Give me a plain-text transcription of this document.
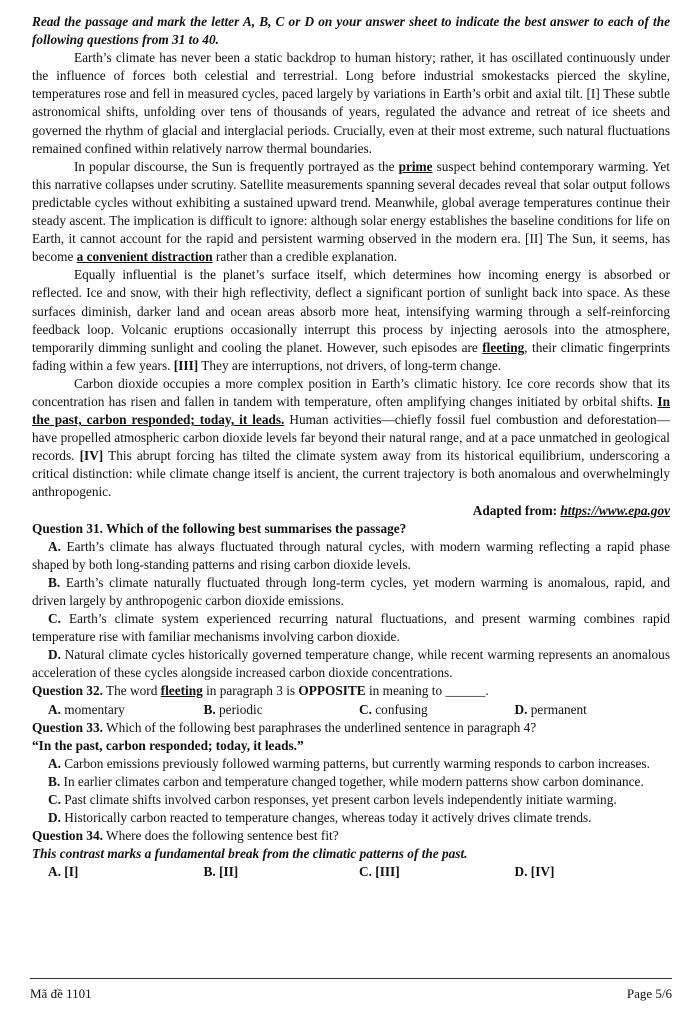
Read the passage and mark the letter A, B, C or D on your answer sheet to indicate the best answer to each of the following questions from 31 to 40.

Earth’s climate has never been a static backdrop to human history; rather, it has oscillated continuously under the influence of forces both celestial and terrestrial. Long before industrial smokestacks pierced the skyline, temperatures rose and fell in measured cycles, paced largely by variations in Earth’s orbit and axial tilt. [I] These subtle astronomical shifts, unfolding over tens of thousands of years, regulated the advance and retreat of ice sheets and governed the rhythm of glacial and interglacial periods. Crucially, even at their most extreme, such natural fluctuations remained confined within relatively narrow thermal boundaries.

In popular discourse, the Sun is frequently portrayed as the prime suspect behind contemporary warming. Yet this narrative collapses under scrutiny. Satellite measurements spanning several decades reveal that solar output follows predictable cycles without exhibiting a sustained upward trend. Meanwhile, global average temperatures continue their steady ascent. The implication is difficult to ignore: although solar energy establishes the baseline conditions for life on Earth, it cannot account for the rapid and persistent warming observed in the modern era. [II] The Sun, it seems, has become a convenient distraction rather than a credible explanation.

Equally influential is the planet’s surface itself, which determines how incoming energy is absorbed or reflected. Ice and snow, with their high reflectivity, deflect a significant portion of sunlight back into space. As these surfaces diminish, darker land and ocean areas absorb more heat, intensifying warming through a self-reinforcing feedback loop. Volcanic eruptions occasionally interrupt this process by injecting aerosols into the atmosphere, temporarily dimming sunlight and cooling the planet. However, such episodes are fleeting, their climatic fingerprints fading within a few years. [III] They are interruptions, not drivers, of long-term change.

Carbon dioxide occupies a more complex position in Earth’s climatic history. Ice core records show that its concentration has risen and fallen in tandem with temperature, often amplifying changes initiated by orbital shifts. In the past, carbon responded; today, it leads. Human activities—chiefly fossil fuel combustion and deforestation—have propelled atmospheric carbon dioxide levels far beyond their natural range, and at a pace unmatched in geological records. [IV] This abrupt forcing has tilted the climate system away from its historical equilibrium, underscoring a critical distinction: while climate change itself is ancient, the current trajectory is both anomalous and overwhelmingly anthropogenic.

Adapted from: https://www.epa.gov
Question 31. Which of the following best summarises the passage?

A. Earth’s climate has always fluctuated through natural cycles, with modern warming reflecting a rapid phase shaped by both long-standing patterns and rising carbon dioxide levels.

B. Earth’s climate naturally fluctuated through long-term cycles, yet modern warming is anomalous, rapid, and driven largely by anthropogenic carbon dioxide emissions.

C. Earth’s climate system experienced recurring natural fluctuations, and present warming combines rapid temperature rise with familiar mechanisms involving carbon dioxide.

D. Natural climate cycles historically governed temperature change, while recent warming represents an anomalous acceleration of these cycles alongside increased carbon dioxide concentrations.

Question 32. The word fleeting in paragraph 3 is OPPOSITE in meaning to ______.
A. momentary	B. periodic	C. confusing	D. permanent
Question 33. Which of the following best paraphrases the underlined sentence in paragraph 4?
“In the past, carbon responded; today, it leads.”

A. Carbon emissions previously followed warming patterns, but currently warming responds to carbon increases.

B. In earlier climates carbon and temperature changed together, while modern patterns show carbon dominance.

C. Past climate shifts involved carbon responses, yet present carbon levels independently initiate warming.

D. Historically carbon reacted to temperature changes, whereas today it actively drives climate trends.

Question 34. Where does the following sentence best fit?
This contrast marks a fundamental break from the climatic patterns of the past.
A. [I]	B. [II]	C. [III]	D. [IV]
Mã đề 1101	Page 5/6
